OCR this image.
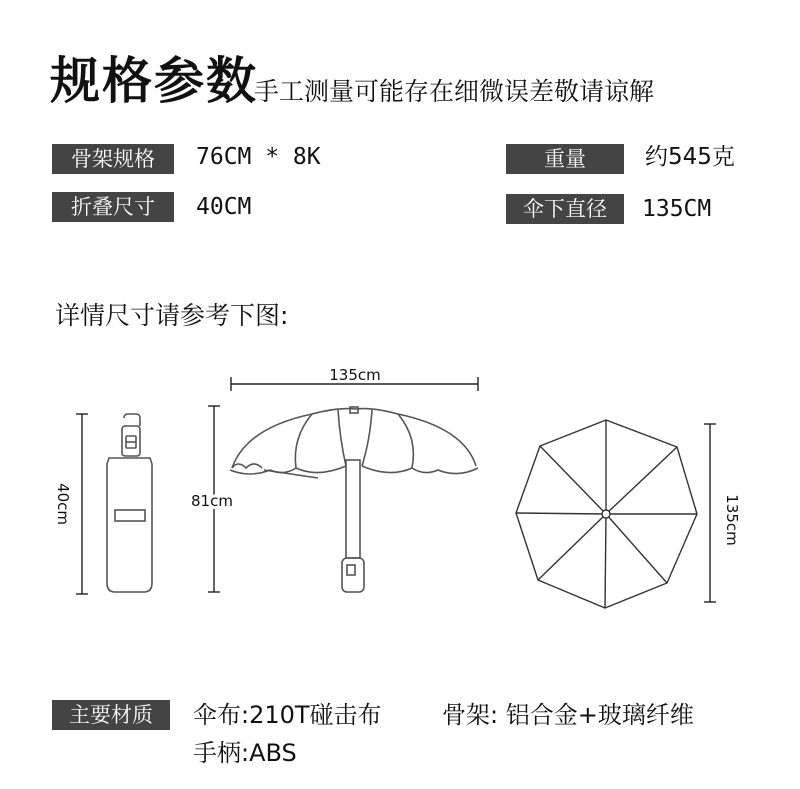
规格参数
手工测量可能存在细微误差敬请谅解
骨架规格	76CM * 8K	重量	约545克
折叠尺寸	40CM	伞下直径	135CM
详情尺寸请参考下图:
40cm	81cm
135cm
135cm
主要材质	伞布:210T碰击布	骨架: 铝合金+玻璃纤维
手柄:ABS
